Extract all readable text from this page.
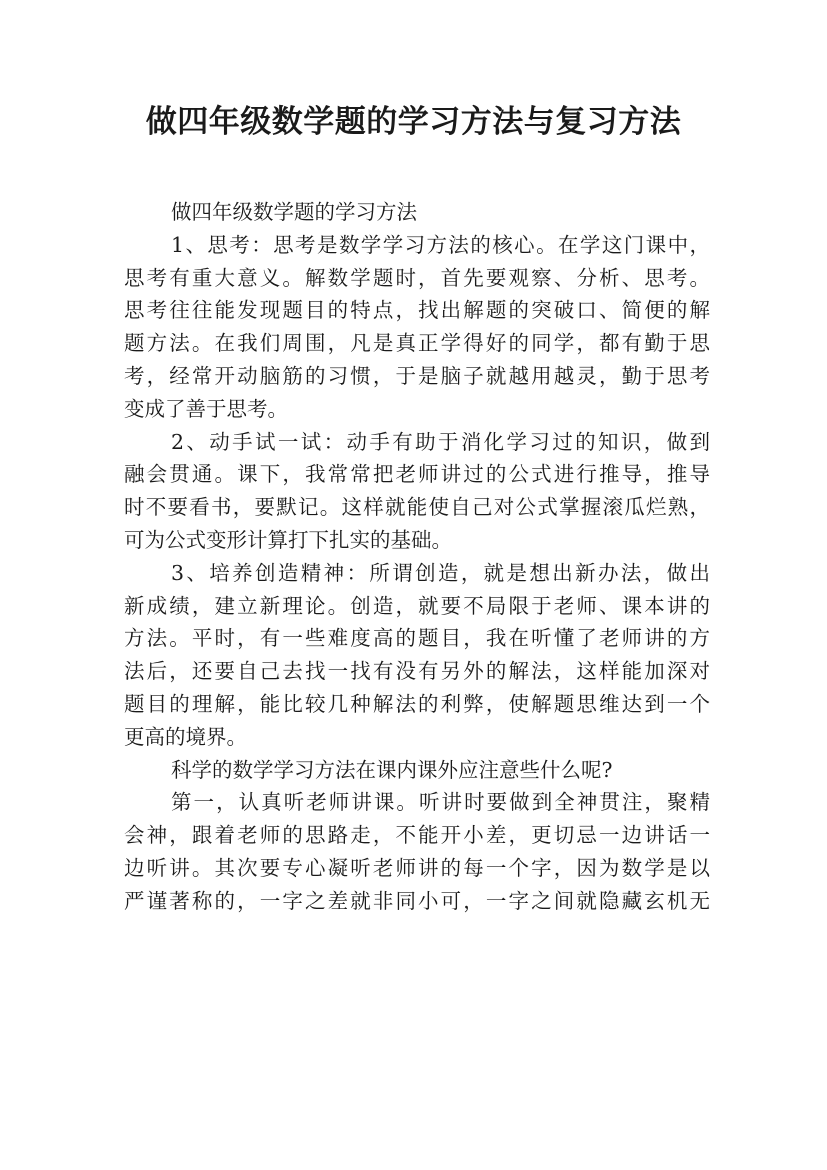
做四年级数学题的学习方法与复习方法
做四年级数学题的学习方法
1、思考：思考是数学学习方法的核心。在学这门课中，
思考有重大意义。解数学题时，首先要观察、分析、思考。
思考往往能发现题目的特点，找出解题的突破口、简便的解
题方法。在我们周围，凡是真正学得好的同学，都有勤于思
考，经常开动脑筋的习惯，于是脑子就越用越灵，勤于思考
变成了善于思考。
2、动手试一试：动手有助于消化学习过的知识，做到
融会贯通。课下，我常常把老师讲过的公式进行推导，推导
时不要看书，要默记。这样就能使自己对公式掌握滚瓜烂熟，
可为公式变形计算打下扎实的基础。
3、培养创造精神：所谓创造，就是想出新办法，做出
新成绩，建立新理论。创造，就要不局限于老师、课本讲的
方法。平时，有一些难度高的题目，我在听懂了老师讲的方
法后，还要自己去找一找有没有另外的解法，这样能加深对
题目的理解，能比较几种解法的利弊，使解题思维达到一个
更高的境界。
科学的数学学习方法在课内课外应注意些什么呢?
第一，认真听老师讲课。听讲时要做到全神贯注，聚精
会神，跟着老师的思路走，不能开小差，更切忌一边讲话一
边听讲。其次要专心凝听老师讲的每一个字，因为数学是以
严谨著称的，一字之差就非同小可，一字之间就隐藏玄机无
